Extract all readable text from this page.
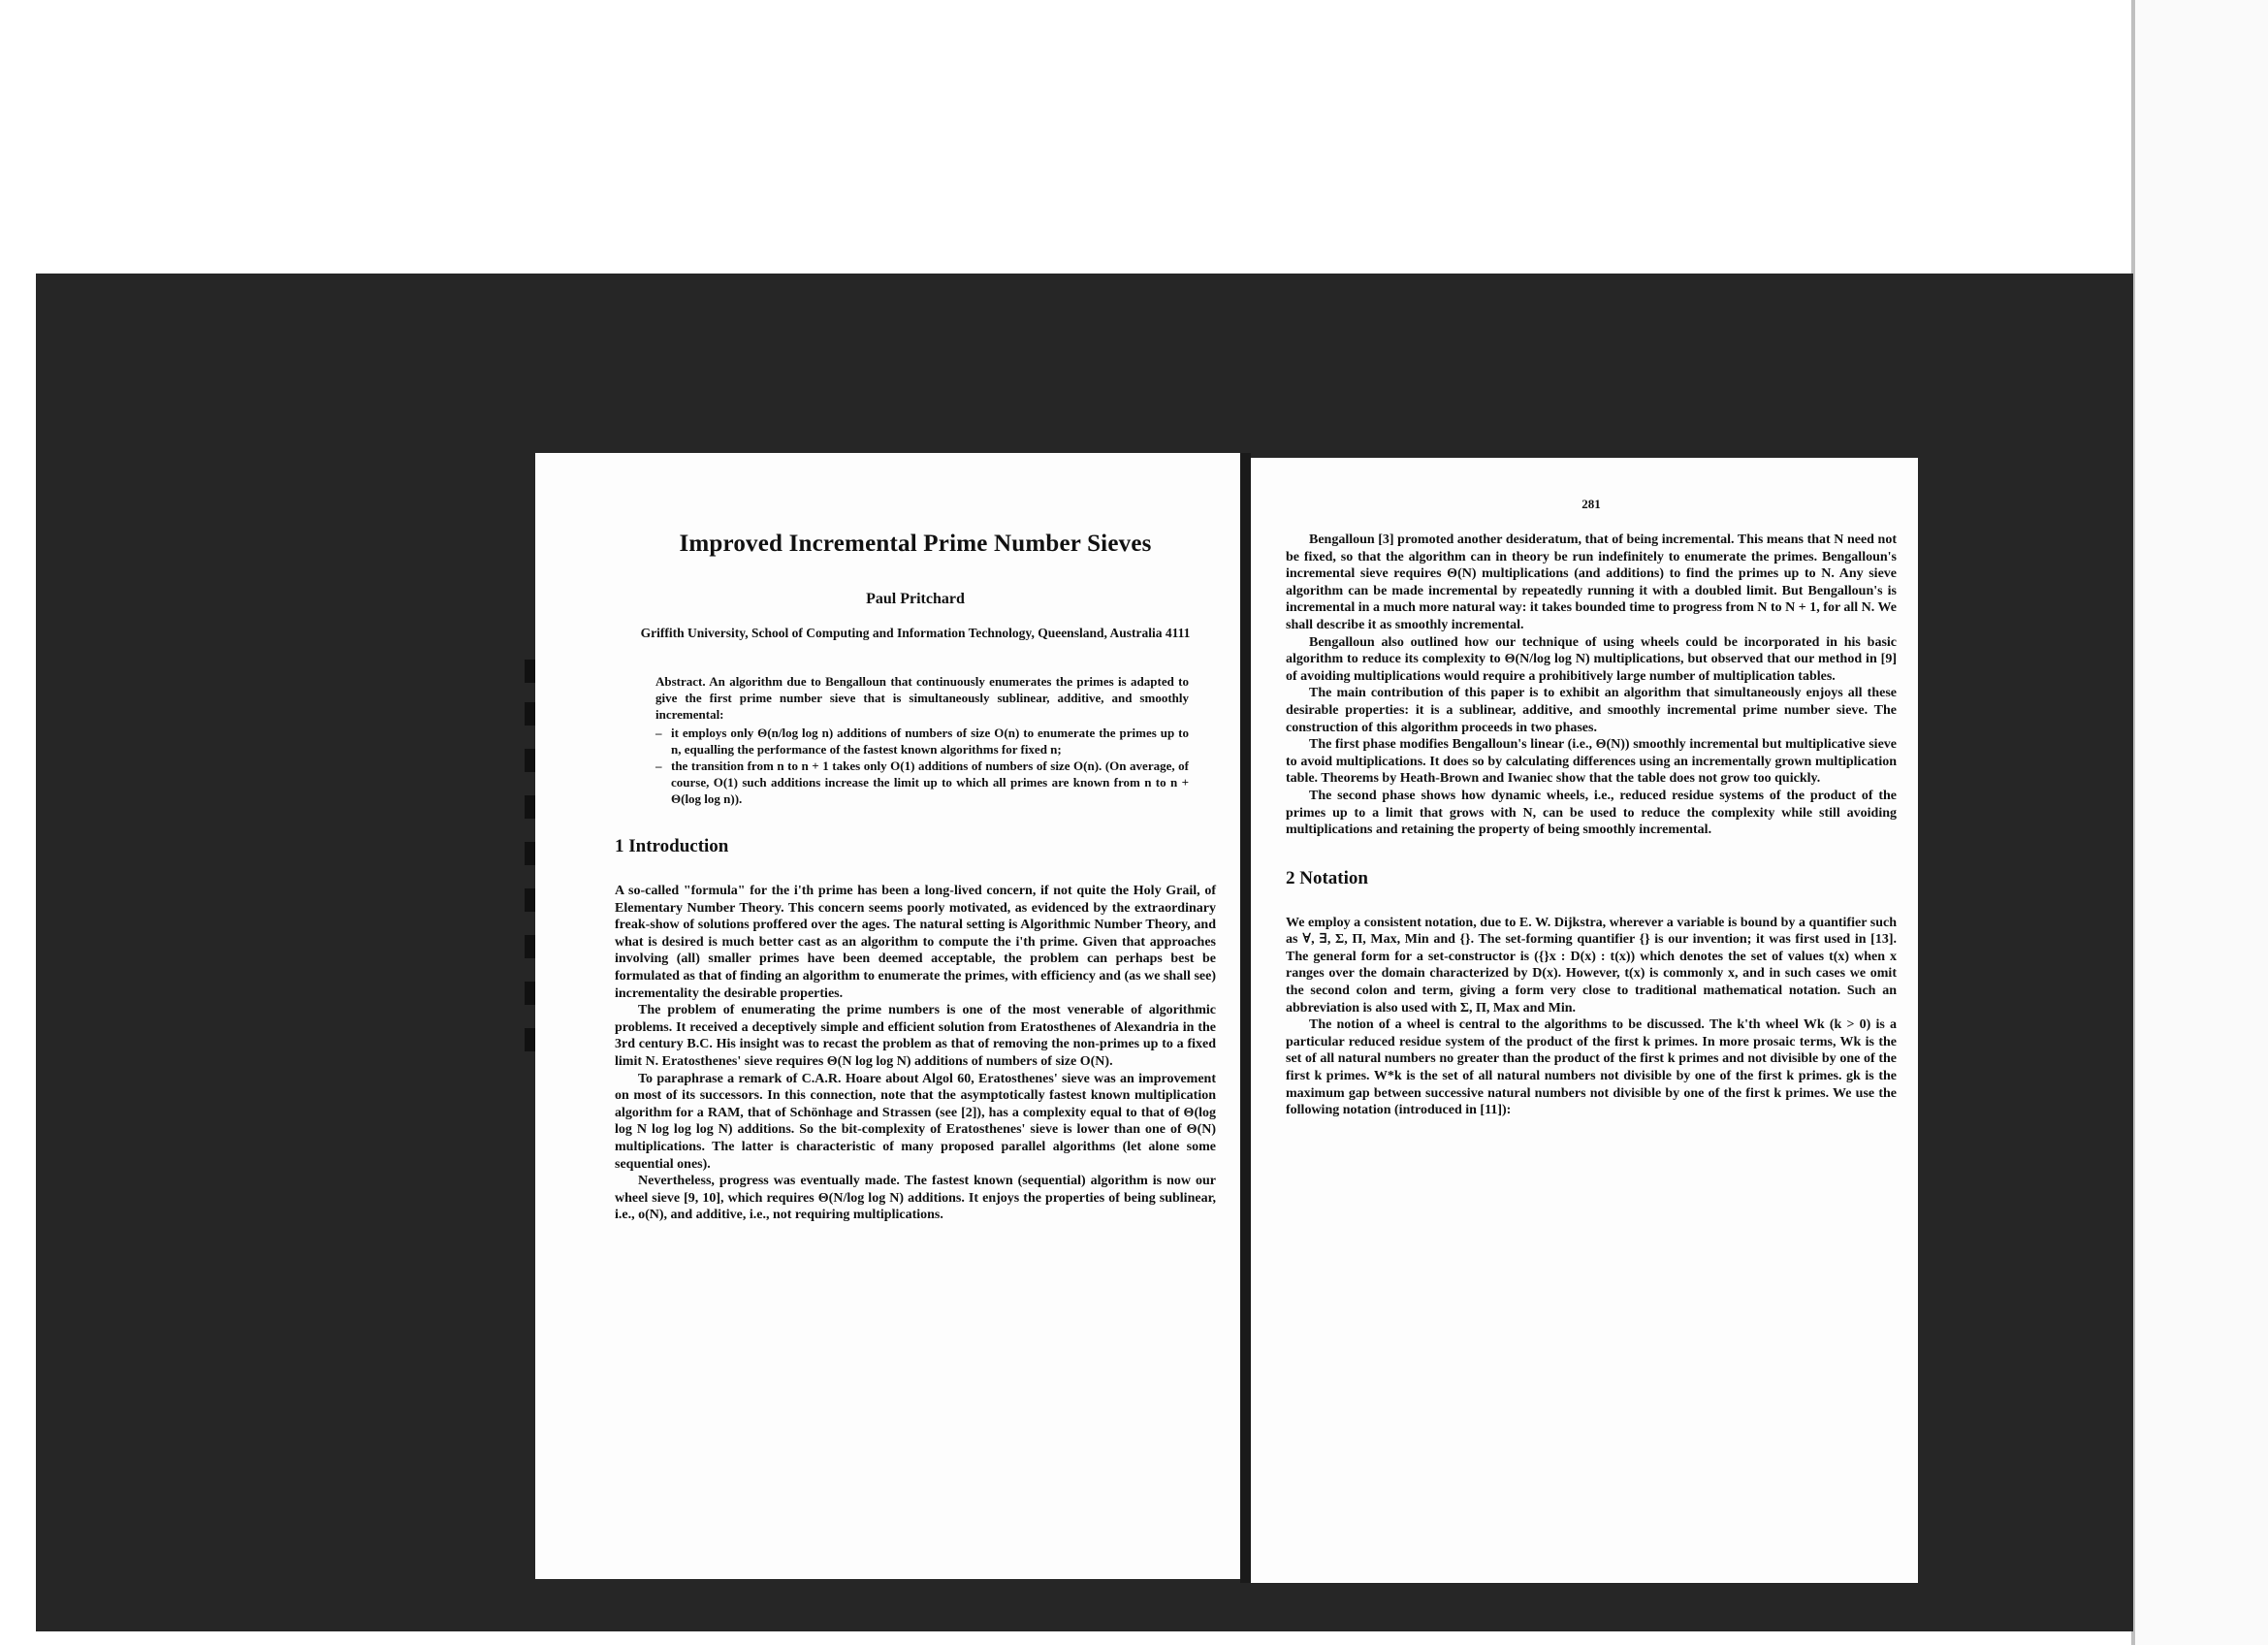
Improved Incremental Prime Number Sieves
Paul Pritchard
Griffith University, School of Computing and Information Technology, Queensland, Australia 4111
Abstract. An algorithm due to Bengalloun that continuously enumerates the primes is adapted to give the first prime number sieve that is simultaneously sublinear, additive, and smoothly incremental:
– it employs only Θ(n/log log n) additions of numbers of size O(n) to enumerate the primes up to n, equalling the performance of the fastest known algorithms for fixed n;
– the transition from n to n + 1 takes only O(1) additions of numbers of size O(n). (On average, of course, O(1) such additions increase the limit up to which all primes are known from n to n + Θ(log log n)).
1 Introduction

A so-called "formula" for the i'th prime has been a long-lived concern, if not quite the Holy Grail, of Elementary Number Theory. This concern seems poorly motivated, as evidenced by the extraordinary freak-show of solutions proffered over the ages. The natural setting is Algorithmic Number Theory, and what is desired is much better cast as an algorithm to compute the i'th prime. Given that approaches involving (all) smaller primes have been deemed acceptable, the problem can perhaps best be formulated as that of finding an algorithm to enumerate the primes, with efficiency and (as we shall see) incrementality the desirable properties.

The problem of enumerating the prime numbers is one of the most venerable of algorithmic problems. It received a deceptively simple and efficient solution from Eratosthenes of Alexandria in the 3rd century B.C. His insight was to recast the problem as that of removing the non-primes up to a fixed limit N. Eratosthenes' sieve requires Θ(N log log N) additions of numbers of size O(N).

To paraphrase a remark of C.A.R. Hoare about Algol 60, Eratosthenes' sieve was an improvement on most of its successors. In this connection, note that the asymptotically fastest known multiplication algorithm for a RAM, that of Schönhage and Strassen (see [2]), has a complexity equal to that of Θ(log log N log log log N) additions. So the bit-complexity of Eratosthenes' sieve is lower than one of Θ(N) multiplications. The latter is characteristic of many proposed parallel algorithms (let alone some sequential ones).

Nevertheless, progress was eventually made. The fastest known (sequential) algorithm is now our wheel sieve [9, 10], which requires Θ(N/log log N) additions. It enjoys the properties of being sublinear, i.e., o(N), and additive, i.e., not requiring multiplications.

281

Bengalloun [3] promoted another desideratum, that of being incremental. This means that N need not be fixed, so that the algorithm can in theory be run indefinitely to enumerate the primes. Bengalloun's incremental sieve requires Θ(N) multiplications (and additions) to find the primes up to N. Any sieve algorithm can be made incremental by repeatedly running it with a doubled limit. But Bengalloun's is incremental in a much more natural way: it takes bounded time to progress from N to N + 1, for all N. We shall describe it as smoothly incremental.

Bengalloun also outlined how our technique of using wheels could be incorporated in his basic algorithm to reduce its complexity to Θ(N/log log N) multiplications, but observed that our method in [9] of avoiding multiplications would require a prohibitively large number of multiplication tables.

The main contribution of this paper is to exhibit an algorithm that simultaneously enjoys all these desirable properties: it is a sublinear, additive, and smoothly incremental prime number sieve. The construction of this algorithm proceeds in two phases.

The first phase modifies Bengalloun's linear (i.e., Θ(N)) smoothly incremental but multiplicative sieve to avoid multiplications. It does so by calculating differences using an incrementally grown multiplication table. Theorems by Heath-Brown and Iwaniec show that the table does not grow too quickly.

The second phase shows how dynamic wheels, i.e., reduced residue systems of the product of the primes up to a limit that grows with N, can be used to reduce the complexity while still avoiding multiplications and retaining the property of being smoothly incremental.

2 Notation

We employ a consistent notation, due to E. W. Dijkstra, wherever a variable is bound by a quantifier such as ∀, ∃, Σ, Π, Max, Min and {}. The set-forming quantifier {} is our invention; it was first used in [13]. The general form for a set-constructor is ({}x : D(x) : t(x)) which denotes the set of values t(x) when x ranges over the domain characterized by D(x). However, t(x) is commonly x, and in such cases we omit the second colon and term, giving a form very close to traditional mathematical notation. Such an abbreviation is also used with Σ, Π, Max and Min.

The notion of a wheel is central to the algorithms to be discussed. The k'th wheel Wk (k > 0) is a particular reduced residue system of the product of the first k primes. In more prosaic terms, Wk is the set of all natural numbers no greater than the product of the first k primes and not divisible by one of the first k primes. W*k is the set of all natural numbers not divisible by one of the first k primes. gk is the maximum gap between successive natural numbers not divisible by one of the first k primes. We use the following notation (introduced in [11]):
